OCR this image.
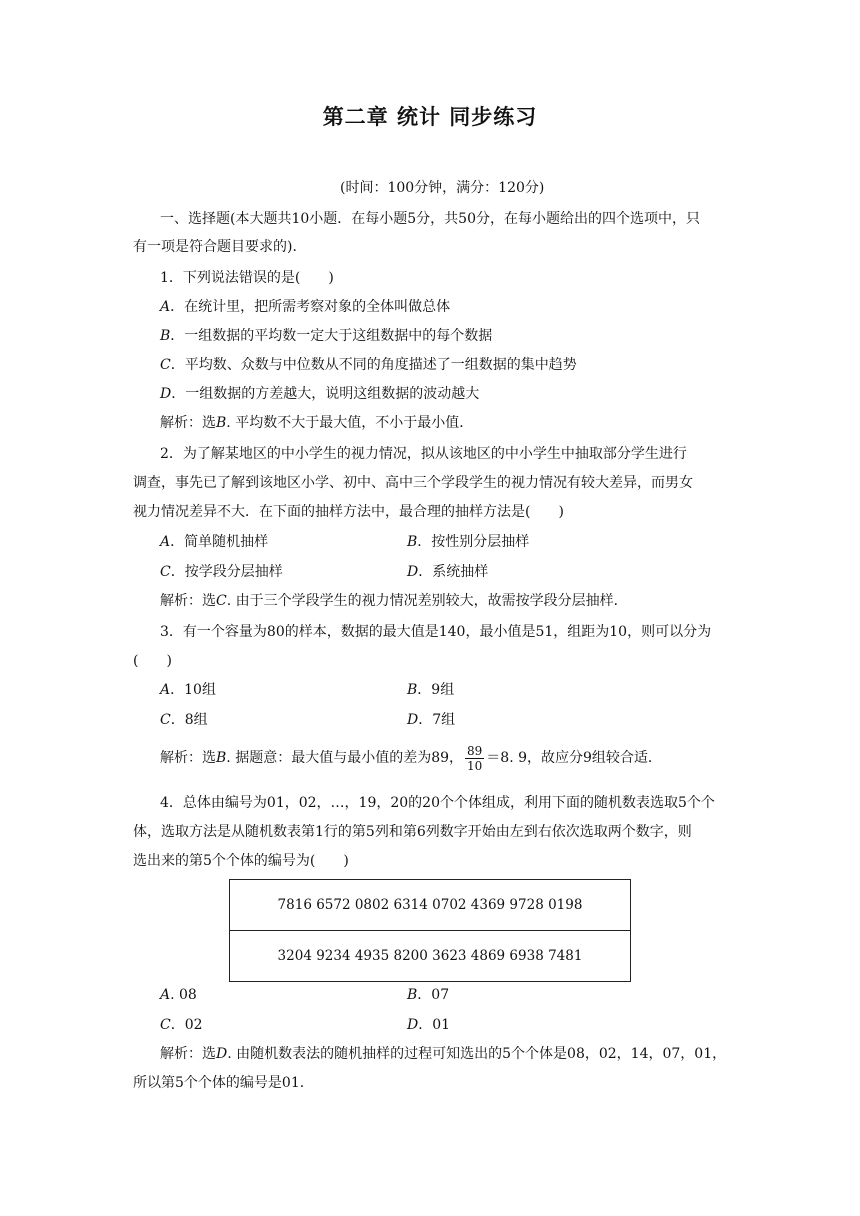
第二章 统计 同步练习
(时间：100分钟，满分：120分)
一、选择题(本大题共10小题．在每小题5分，共50分，在每小题给出的四个选项中，只
有一项是符合题目要求的)．
1．下列说法错误的是(　　)
A．在统计里，把所需考察对象的全体叫做总体
B．一组数据的平均数一定大于这组数据中的每个数据
C．平均数、众数与中位数从不同的角度描述了一组数据的集中趋势
D．一组数据的方差越大，说明这组数据的波动越大
解析：选B. 平均数不大于最大值，不小于最小值．
2．为了解某地区的中小学生的视力情况，拟从该地区的中小学生中抽取部分学生进行
调查，事先已了解到该地区小学、初中、高中三个学段学生的视力情况有较大差异，而男女
视力情况差异不大．在下面的抽样方法中，最合理的抽样方法是(　　)
A．简单随机抽样	B．按性别分层抽样
C．按学段分层抽样	D．系统抽样
解析：选C. 由于三个学段学生的视力情况差别较大，故需按学段分层抽样．
3．有一个容量为80的样本，数据的最大值是140，最小值是51，组距为10，则可以分为
(　　)
A．10组	B．9组
C．8组	D．7组
解析：选B. 据题意：最大值与最小值的差为89， $\frac{89}{10} =8$. 9，故应分9组较合适．
4．总体由编号为01，02，…，19，20的20个个体组成，利用下面的随机数表选取5个个
体，选取方法是从随机数表第1行的第5列和第6列数字开始由左到右依次选取两个数字，则
选出来的第5个个体的编号为(　　)
7816 6572 0802 6314 0702 4369 9728 0198
3204 9234 4935 8200 3623 4869 6938 7481
A. 08	B．07
C．02	D．01
解析：选D. 由随机数表法的随机抽样的过程可知选出的5个个体是08，02，14，07，01，
所以第5个个体的编号是01.
